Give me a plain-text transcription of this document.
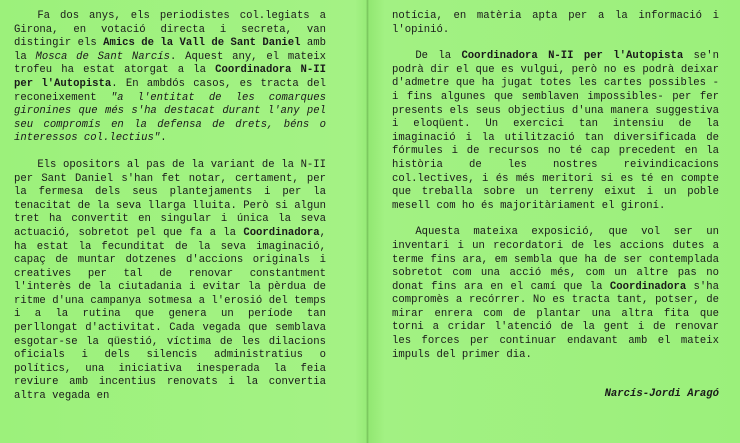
Fa dos anys, els periodistes col.legiats a Girona, en votació directa i secreta, van distingir els Amics de la Vall de Sant Daniel amb la Mosca de Sant Narcís. Aquest any, el mateix trofeu ha estat atorgat a la Coordinadora N-II per l'Autopista. En ambdós casos, es tracta del reconeixement "a l'entitat de les comarques gironines que més s'ha destacat durant l'any pel seu compromís en la defensa de drets, béns o interessos col.lectius".

Els opositors al pas de la variant de la N-II per Sant Daniel s'han fet notar, certament, per la fermesa dels seus plantejaments i per la tenacitat de la seva llarga lluita. Però si algun tret ha convertit en singular i única la seva actuació, sobretot pel que fa a la Coordinadora, ha estat la fecunditat de la seva imaginació, capaç de muntar dotzenes d'accions originals i creatives per tal de renovar constantment l'interès de la ciutadania i evitar la pèrdua de ritme d'una campanya sotmesa a l'erosió del temps i a la rutina que genera un període tan perllongat d'activitat. Cada vegada que semblava esgotar-se la qüestió, víctima de les dilacions oficials i dels silencis administratius o polítics, una iniciativa inesperada la feia reviure amb incentius renovats i la convertia altra vegada en

notícia, en matèria apta per a la informació i l'opinió.

De la Coordinadora N-II per l'Autopista se'n podrà dir el que es vulgui, però no es podrà deixar d'admetre que ha jugat totes les cartes possibles -i fins algunes que semblaven impossibles- per fer presents els seus objectius d'una manera suggestiva i eloqüent. Un exercici tan intensiu de la imaginació i la utilització tan diversificada de fórmules i de recursos no té cap precedent en la història de les nostres reivindicacions col.lectives, i és més meritori si es té en compte que treballa sobre un terreny eixut i un poble mesell com ho és majoritàriament el gironí.

Aquesta mateixa exposició, que vol ser un inventari i un recordatori de les accions dutes a terme fins ara, em sembla que ha de ser contemplada sobretot com una acció més, com un altre pas no donat fins ara en el camí que la Coordinadora s'ha compromès a recórrer. No es tracta tant, potser, de mirar enrera com de plantar una altra fita que torni a cridar l'atenció de la gent i de renovar les forces per continuar endavant amb el mateix impuls del primer dia.

Narcís-Jordi Aragó
